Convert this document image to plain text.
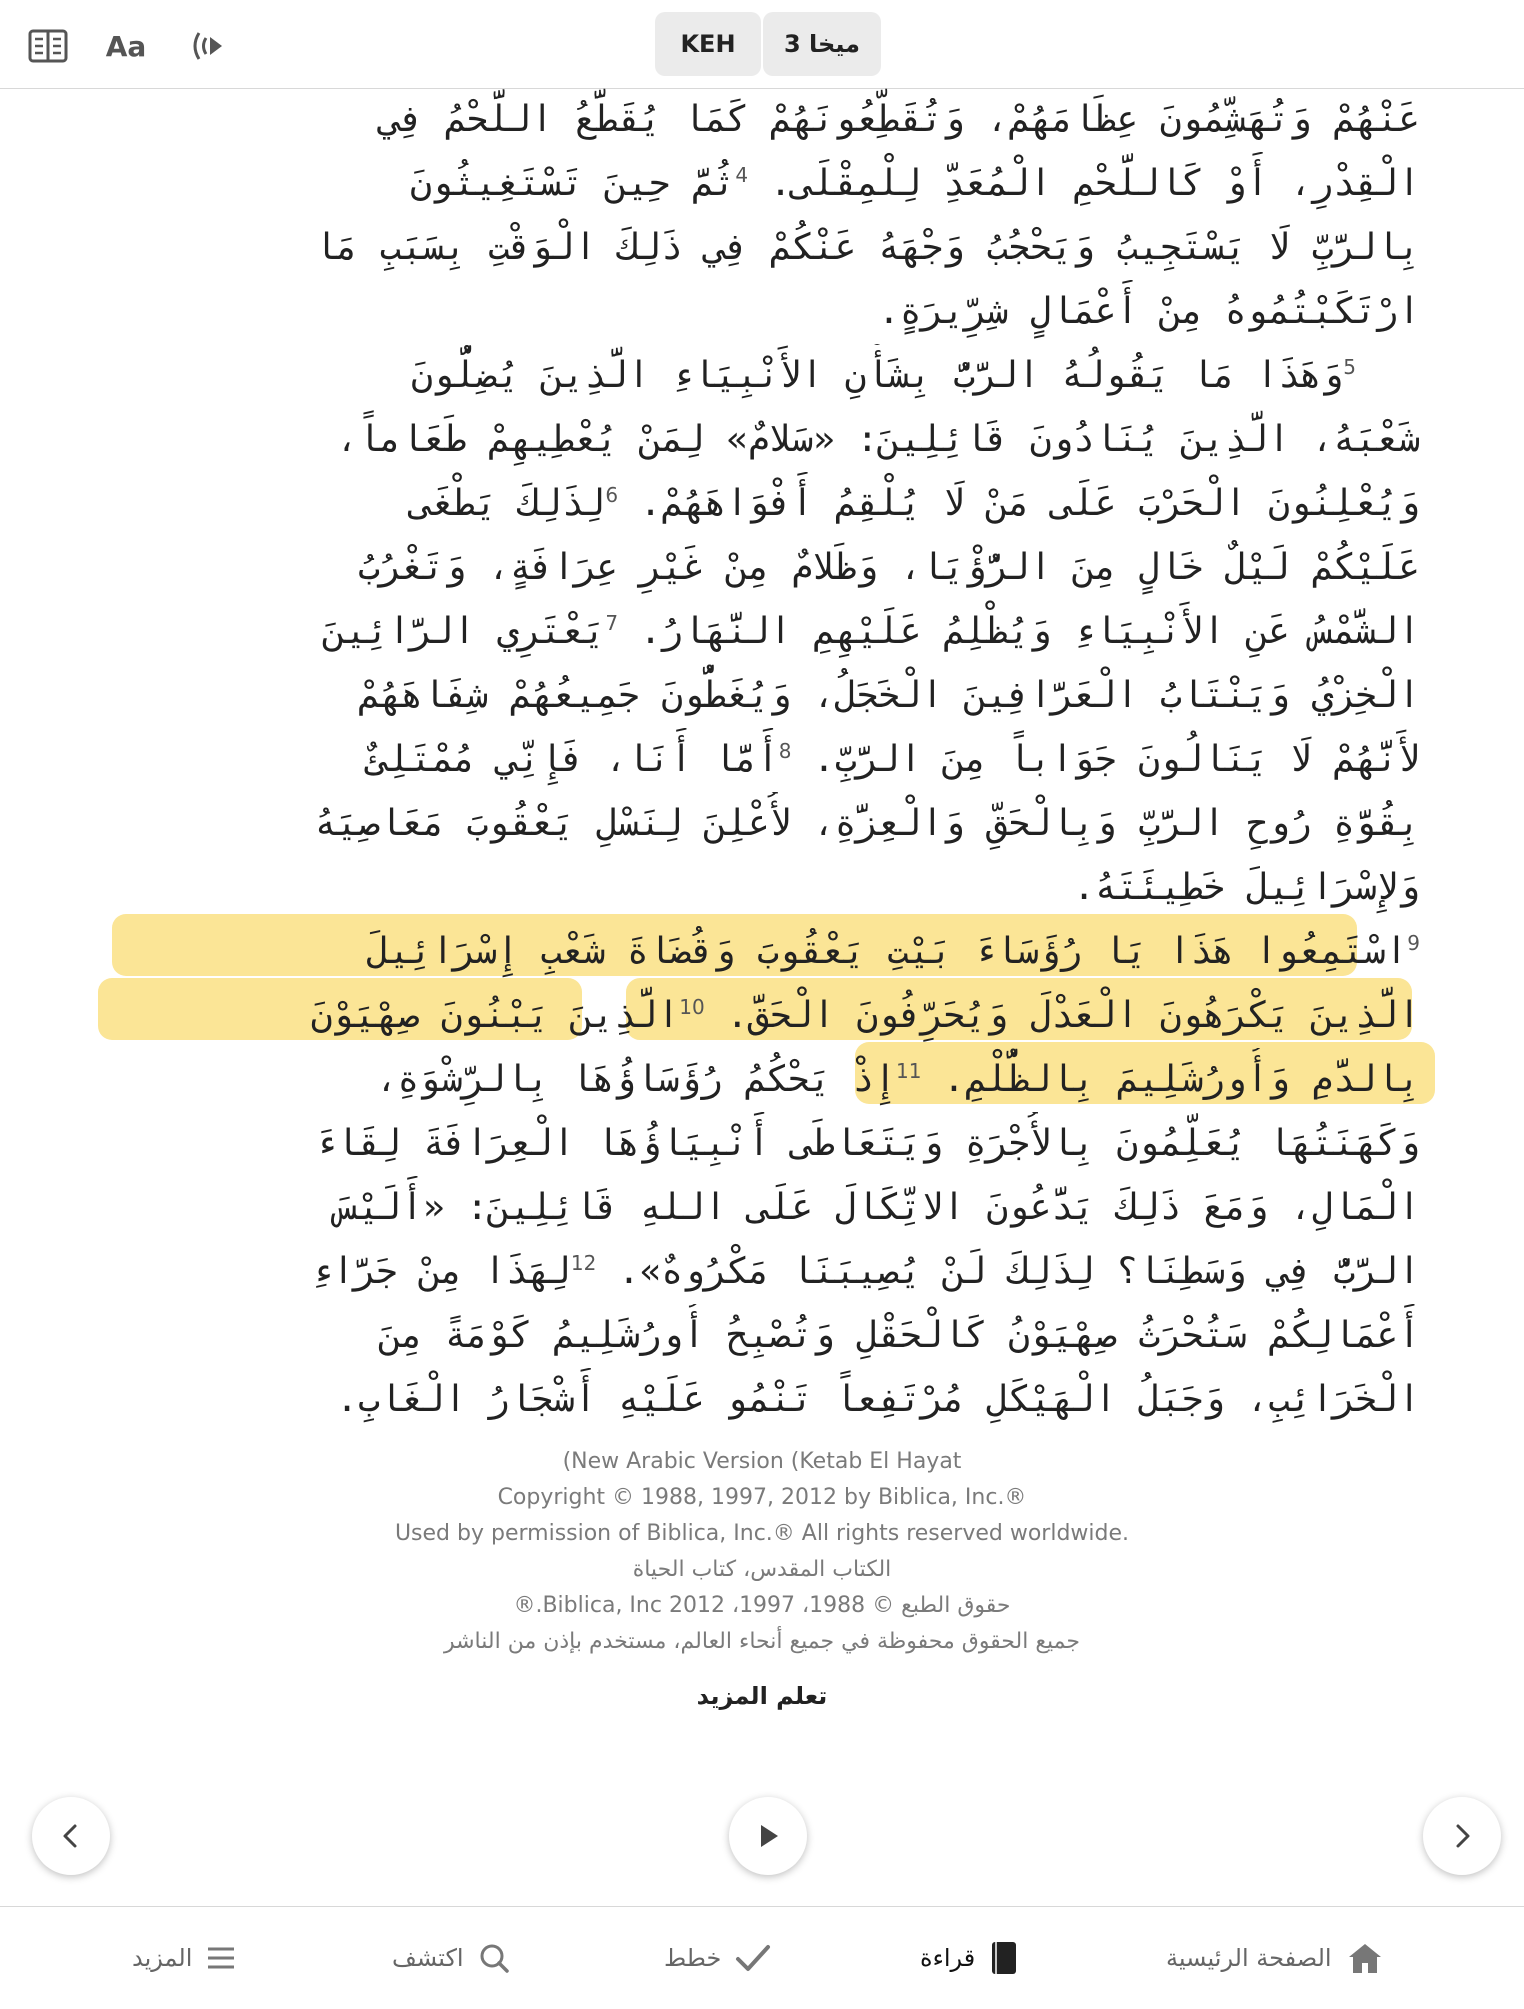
Aa	KEH	ميخا 3
عَنْهُمْ وَتُهَشِّمُونَ عِظَامَهُمْ، وَتُقَطِّعُونَهُمْ كَمَا يُقَطَّعُ اللَّحْمُ فِي
الْقِدْرِ، أَوْ كَاللَّحْمِ الْمُعَدِّ لِلْمِقْلَى. $^4$ثُمَّ حِينَ تَسْتَغِيثُونَ
بِالرَّبِّ لَا يَسْتَجِيبُ وَيَحْجُبُ وَجْهَهُ عَنْكُمْ فِي ذَلِكَ الْوَقْتِ بِسَبَبِ مَا
ارْتَكَبْتُمُوهُ مِنْ أَعْمَالٍ شِرِّيرَةٍ.
$^5$وَهَذَا مَا يَقُولُهُ الرَّبُّ بِشَأْنِ الأَنْبِيَاءِ الَّذِينَ يُضِلُّونَ
شَعْبَهُ، الَّذِينَ يُنَادُونَ قَائِلِينَ: «سَلامٌ» لِمَنْ يُعْطِيهِمْ طَعَاماً،
وَيُعْلِنُونَ الْحَرْبَ عَلَى مَنْ لَا يُلْقِمُ أَفْوَاهَهُمْ. $^6$لِذَلِكَ يَطْغَى
عَلَيْكُمْ لَيْلٌ خَالٍ مِنَ الرُّؤْيَا، وَظَلامٌ مِنْ غَيْرِ عِرَافَةٍ، وَتَغْرُبُ
الشَّمْسُ عَنِ الأَنْبِيَاءِ وَيُظْلِمُ عَلَيْهِمِ النَّهَارُ. $^7$يَعْتَرِي الرَّائِينَ
الْخِزْيُ وَيَنْتَابُ الْعَرَّافِينَ الْخَجَلُ، وَيُغَطُّونَ جَمِيعُهُمْ شِفَاهَهُمْ
لأَنَّهُمْ لَا يَنَالُونَ جَوَاباً مِنَ الرَّبِّ. $^8$أَمَّا أَنَا، فَإِنِّي مُمْتَلِئٌ
بِقُوَّةِ رُوحِ الرَّبِّ وَبِالْحَقِّ وَالْعِزَّةِ، لأُعْلِنَ لِنَسْلِ يَعْقُوبَ مَعَاصِيَهُ
وَلإِسْرَائِيلَ خَطِيئَتَهُ.
$^9$اسْتَمِعُوا هَذَا يَا رُؤَسَاءَ بَيْتِ يَعْقُوبَ وَقُضَاةَ شَعْبِ إِسْرَائِيلَ
الَّذِينَ يَكْرَهُونَ الْعَدْلَ وَيُحَرِّفُونَ الْحَقَّ. $^{10}$الَّذِينَ يَبْنُونَ صِهْيَوْنَ
بِالدَّمِ وَأُورُشَلِيمَ بِالظُّلْمِ. $^{11}$إِذْ يَحْكُمُ رُؤَسَاؤُهَا بِالرِّشْوَةِ،
وَكَهَنَتُهَا يُعَلِّمُونَ بِالأُجْرَةِ وَيَتَعَاطَى أَنْبِيَاؤُهَا الْعِرَافَةَ لِقَاءَ
الْمَالِ، وَمَعَ ذَلِكَ يَدَّعُونَ الاتِّكَالَ عَلَى اللهِ قَائِلِينَ: «أَلَيْسَ
الرَّبُّ فِي وَسَطِنَا؟ لِذَلِكَ لَنْ يُصِيبَنَا مَكْرُوهٌ». $^{12}$لِهَذَا مِنْ جَرَّاءِ
أَعْمَالِكُمْ سَتُحْرَثُ صِهْيَوْنُ كَالْحَقْلِ وَتُصْبِحُ أُورُشَلِيمُ كَوْمَةً مِنَ
الْخَرَائِبِ، وَجَبَلُ الْهَيْكَلِ مُرْتَفِعاً تَنْمُو عَلَيْهِ أَشْجَارُ الْغَابِ.
(New Arabic Version (Ketab El Hayat
Copyright © 1988, 1997, 2012 by Biblica, Inc.®
Used by permission of Biblica, Inc.® All rights reserved worldwide.
الكتاب المقدس، كتاب الحياة
حقوق الطبع © 1988، 1997، 2012 Biblica, Inc.®
جميع الحقوق محفوظة في جميع أنحاء العالم، مستخدم بإذن من الناشر
تعلم المزيد
المزيد	اكتشف	خطط	قراءة	الصفحة الرئيسية
